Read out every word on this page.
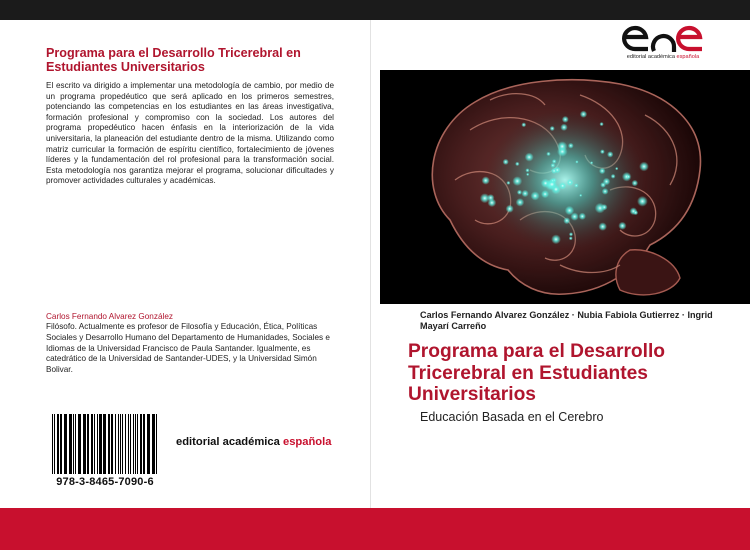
Programa para el Desarrollo Tricerebral en Estudiantes Universitarios

El escrito va dirigido a implementar una metodología de cambio, por medio de un programa propedéutico que será aplicado en los primeros semestres, potenciando las competencias en los estudiantes en las áreas investigativa, formación profesional y compromiso con la sociedad. Los autores del programa propedéutico hacen énfasis en la interiorización de la vida universitaria, la planeación del estudiante dentro de la misma. Utilizando como matriz curricular la formación de espíritu científico, fortalecimiento de jóvenes líderes y la fundamentación del rol profesional para la transformación social. Esta metodología nos garantiza mejorar el programa, solucionar dificultades y promover actividades culturales y académicas.

Carlos Fernando Alvarez González

Filósofo. Actualmente es profesor de Filosofía y Educación, Ética, Políticas Sociales y Desarrollo Humano del Departamento de Humanidades, Sociales e Idiomas de la Universidad Francisco de Paula Santander. Igualmente, es catedrático de la Universidad de Santander-UDES, y la Universidad Simón Bolivar.

978-3-8465-7090-6

editorial académica española

editorial académica española

Carlos Fernando Alvarez González · Nubia Fabiola Gutierrez · Ingrid Mayarí Carreño

Programa para el Desarrollo Tricerebral en Estudiantes Universitarios

Educación Basada en el Cerebro
